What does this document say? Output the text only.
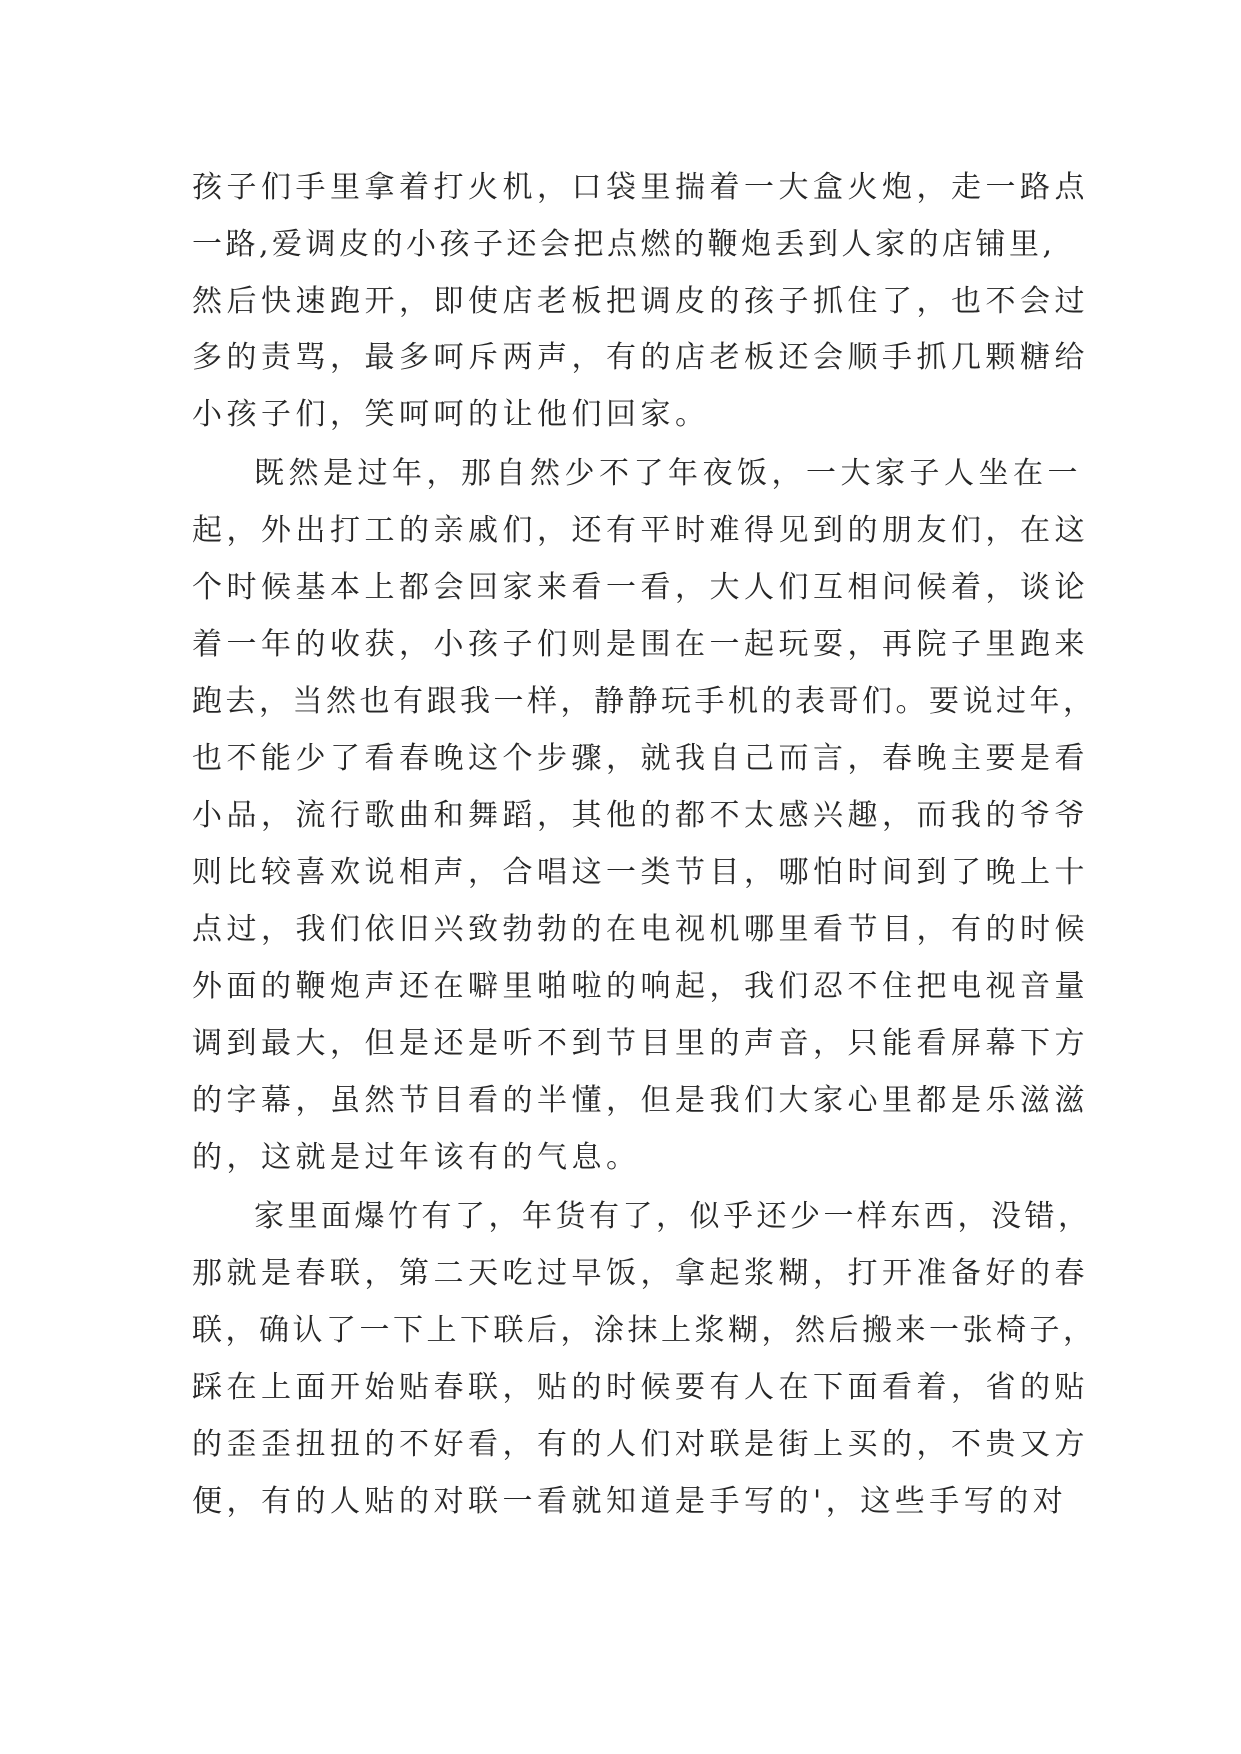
孩子们手里拿着打火机，口袋里揣着一大盒火炮，走一路点

一路,爱调皮的小孩子还会把点燃的鞭炮丢到人家的店铺里,

然后快速跑开，即使店老板把调皮的孩子抓住了，也不会过

多的责骂，最多呵斥两声，有的店老板还会顺手抓几颗糖给

小孩子们，笑呵呵的让他们回家。

既然是过年，那自然少不了年夜饭，一大家子人坐在一

起，外出打工的亲戚们，还有平时难得见到的朋友们，在这

个时候基本上都会回家来看一看，大人们互相问候着，谈论

着一年的收获，小孩子们则是围在一起玩耍，再院子里跑来

跑去，当然也有跟我一样，静静玩手机的表哥们。要说过年，

也不能少了看春晚这个步骤，就我自己而言，春晚主要是看

小品，流行歌曲和舞蹈，其他的都不太感兴趣，而我的爷爷

则比较喜欢说相声，合唱这一类节目，哪怕时间到了晚上十

点过，我们依旧兴致勃勃的在电视机哪里看节目，有的时候

外面的鞭炮声还在噼里啪啦的响起，我们忍不住把电视音量

调到最大，但是还是听不到节目里的声音，只能看屏幕下方

的字幕，虽然节目看的半懂，但是我们大家心里都是乐滋滋

的，这就是过年该有的气息。

家里面爆竹有了，年货有了，似乎还少一样东西，没错，

那就是春联，第二天吃过早饭，拿起浆糊，打开准备好的春

联，确认了一下上下联后，涂抹上浆糊，然后搬来一张椅子，

踩在上面开始贴春联，贴的时候要有人在下面看着，省的贴

的歪歪扭扭的不好看，有的人们对联是街上买的，不贵又方

便，有的人贴的对联一看就知道是手写的'，这些手写的对
